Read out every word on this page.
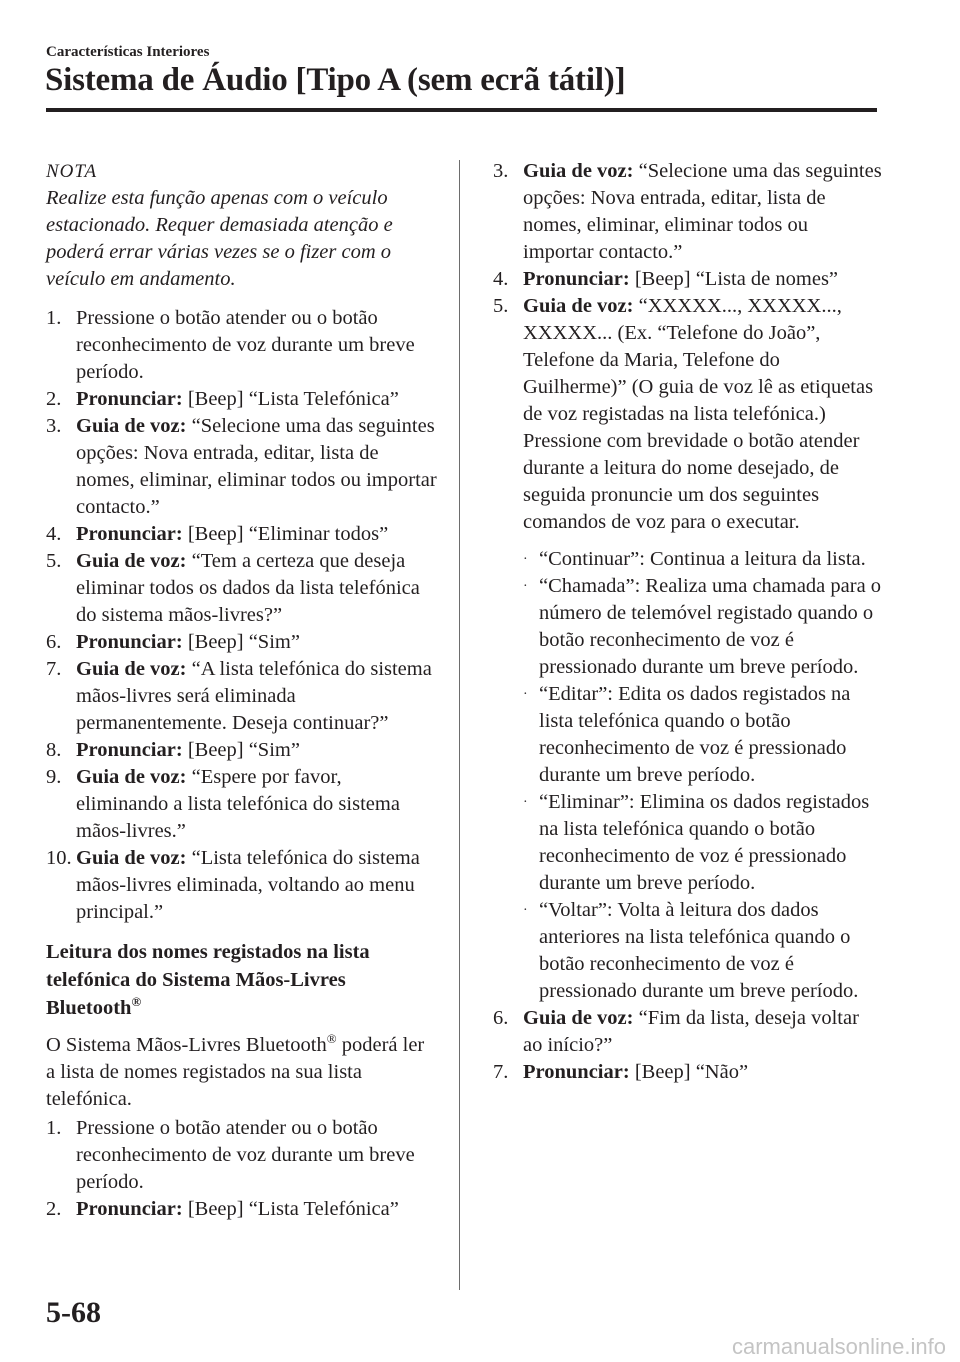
Características Interiores
Sistema de Áudio [Tipo A (sem ecrã tátil)]
NOTA
Realize esta função apenas com o veículo estacionado. Requer demasiada atenção e poderá errar várias vezes se o fizer com o veículo em andamento.
1. Pressione o botão atender ou o botão reconhecimento de voz durante um breve período.
2. Pronunciar: [Beep] “Lista Telefónica”
3. Guia de voz: “Selecione uma das seguintes opções: Nova entrada, editar, lista de nomes, eliminar, eliminar todos ou importar contacto.”
4. Pronunciar: [Beep] “Eliminar todos”
5. Guia de voz: “Tem a certeza que deseja eliminar todos os dados da lista telefónica do sistema mãos-livres?”
6. Pronunciar: [Beep] “Sim”
7. Guia de voz: “A lista telefónica do sistema mãos-livres será eliminada permanentemente. Deseja continuar?”
8. Pronunciar: [Beep] “Sim”
9. Guia de voz: “Espere por favor, eliminando a lista telefónica do sistema mãos-livres.”
10. Guia de voz: “Lista telefónica do sistema mãos-livres eliminada, voltando ao menu principal.”
Leitura dos nomes registados na lista telefónica do Sistema Mãos-Livres Bluetooth®
O Sistema Mãos-Livres Bluetooth® poderá ler a lista de nomes registados na sua lista telefónica.
1. Pressione o botão atender ou o botão reconhecimento de voz durante um breve período.
2. Pronunciar: [Beep] “Lista Telefónica”
3. Guia de voz: “Selecione uma das seguintes opções: Nova entrada, editar, lista de nomes, eliminar, eliminar todos ou importar contacto.”
4. Pronunciar: [Beep] “Lista de nomes”
5. Guia de voz: “XXXXX..., XXXXX..., XXXXX... (Ex. “Telefone do João”, Telefone da Maria, Telefone do Guilherme)” (O guia de voz lê as etiquetas de voz registadas na lista telefónica.) Pressione com brevidade o botão atender durante a leitura do nome desejado, de seguida pronuncie um dos seguintes comandos de voz para o executar.
· “Continuar”: Continua a leitura da lista.
· “Chamada”: Realiza uma chamada para o número de telemóvel registado quando o botão reconhecimento de voz é pressionado durante um breve período.
· “Editar”: Edita os dados registados na lista telefónica quando o botão reconhecimento de voz é pressionado durante um breve período.
· “Eliminar”: Elimina os dados registados na lista telefónica quando o botão reconhecimento de voz é pressionado durante um breve período.
· “Voltar”: Volta à leitura dos dados anteriores na lista telefónica quando o botão reconhecimento de voz é pressionado durante um breve período.
6. Guia de voz: “Fim da lista, deseja voltar ao início?”
7. Pronunciar: [Beep] “Não”
5-68
carmanualsonline.info
